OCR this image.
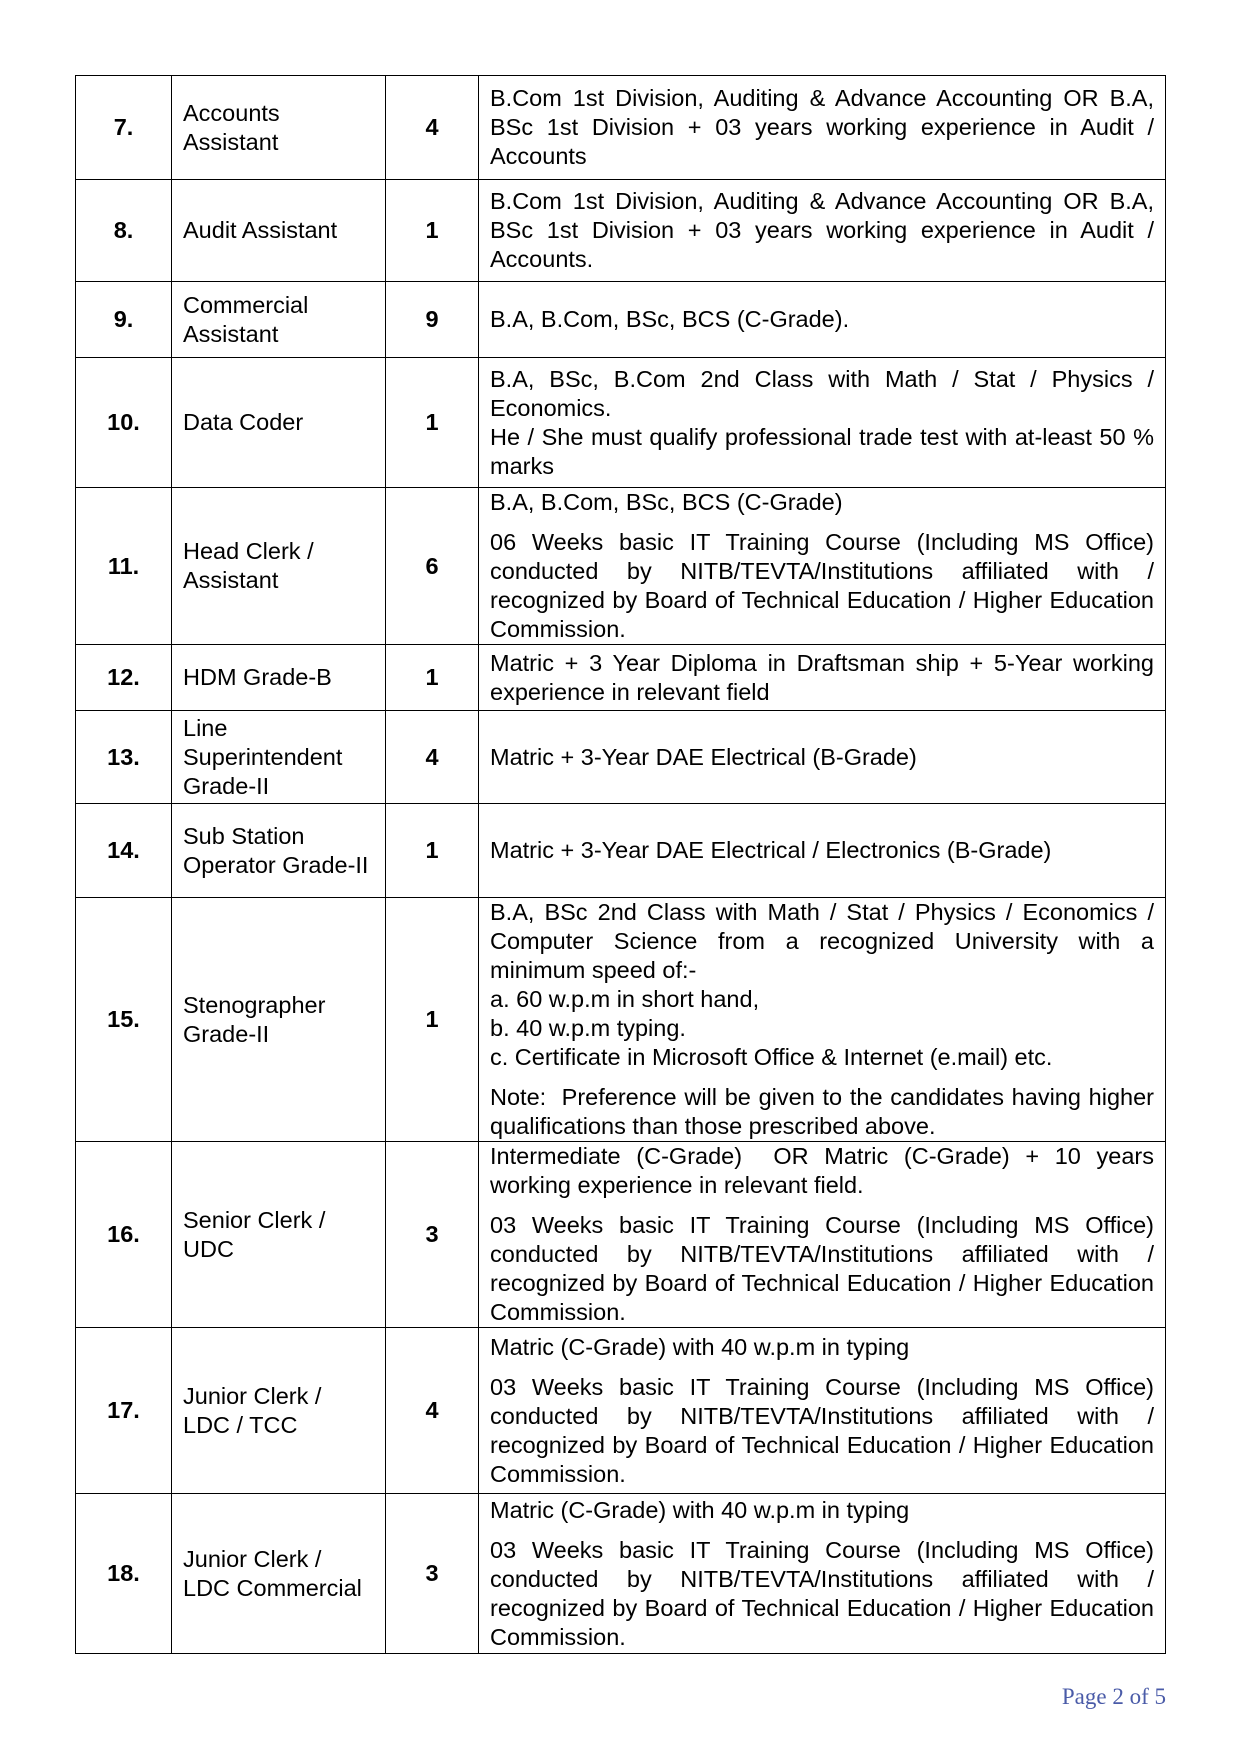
7.	Accounts Assistant	4	B.Com 1st Division, Auditing & Advance Accounting OR B.A, BSc 1st Division + 03 years working experience in Audit / Accounts

8.	Audit Assistant	1	B.Com 1st Division, Auditing & Advance Accounting OR B.A, BSc 1st Division + 03 years working experience in Audit / Accounts.

9.	Commercial Assistant	9	B.A, B.Com, BSc, BCS (C-Grade).

10.	Data Coder	1	B.A, BSc, B.Com 2nd Class with Math / Stat / Physics / Economics.

He / She must qualify professional trade test with at-least 50 % marks

11.	Head Clerk / Assistant	6	B.A, B.Com, BSc, BCS (C-Grade)

06 Weeks basic IT Training Course (Including MS Office) conducted by NITB/TEVTA/Institutions affiliated with / recognized by Board of Technical Education / Higher Education Commission.

12.	HDM Grade-B	1	Matric + 3 Year Diploma in Draftsman ship + 5-Year working experience in relevant field

13.	Line Superintendent Grade-II	4	Matric + 3-Year DAE Electrical (B-Grade)

14.	Sub Station Operator Grade-II	1	Matric + 3-Year DAE Electrical / Electronics (B-Grade)

15.	Stenographer Grade-II	1	B.A, BSc 2nd Class with Math / Stat / Physics / Economics / Computer Science from a recognized University with a minimum speed of:-

a. 60 w.p.m in short hand,

b. 40 w.p.m typing.

c. Certificate in Microsoft Office & Internet (e.mail) etc.

Note:  Preference will be given to the candidates having higher qualifications than those prescribed above.

16.	Senior Clerk / UDC	3	Intermediate (C-Grade)  OR Matric (C-Grade) + 10 years working experience in relevant field.

03 Weeks basic IT Training Course (Including MS Office) conducted by NITB/TEVTA/Institutions affiliated with / recognized by Board of Technical Education / Higher Education Commission.

17.	Junior Clerk / LDC / TCC	4	Matric (C-Grade) with 40 w.p.m in typing

03 Weeks basic IT Training Course (Including MS Office) conducted by NITB/TEVTA/Institutions affiliated with / recognized by Board of Technical Education / Higher Education Commission.

18.	Junior Clerk / LDC Commercial	3	Matric (C-Grade) with 40 w.p.m in typing

03 Weeks basic IT Training Course (Including MS Office) conducted by NITB/TEVTA/Institutions affiliated with / recognized by Board of Technical Education / Higher Education Commission.

Page 2 of 5
